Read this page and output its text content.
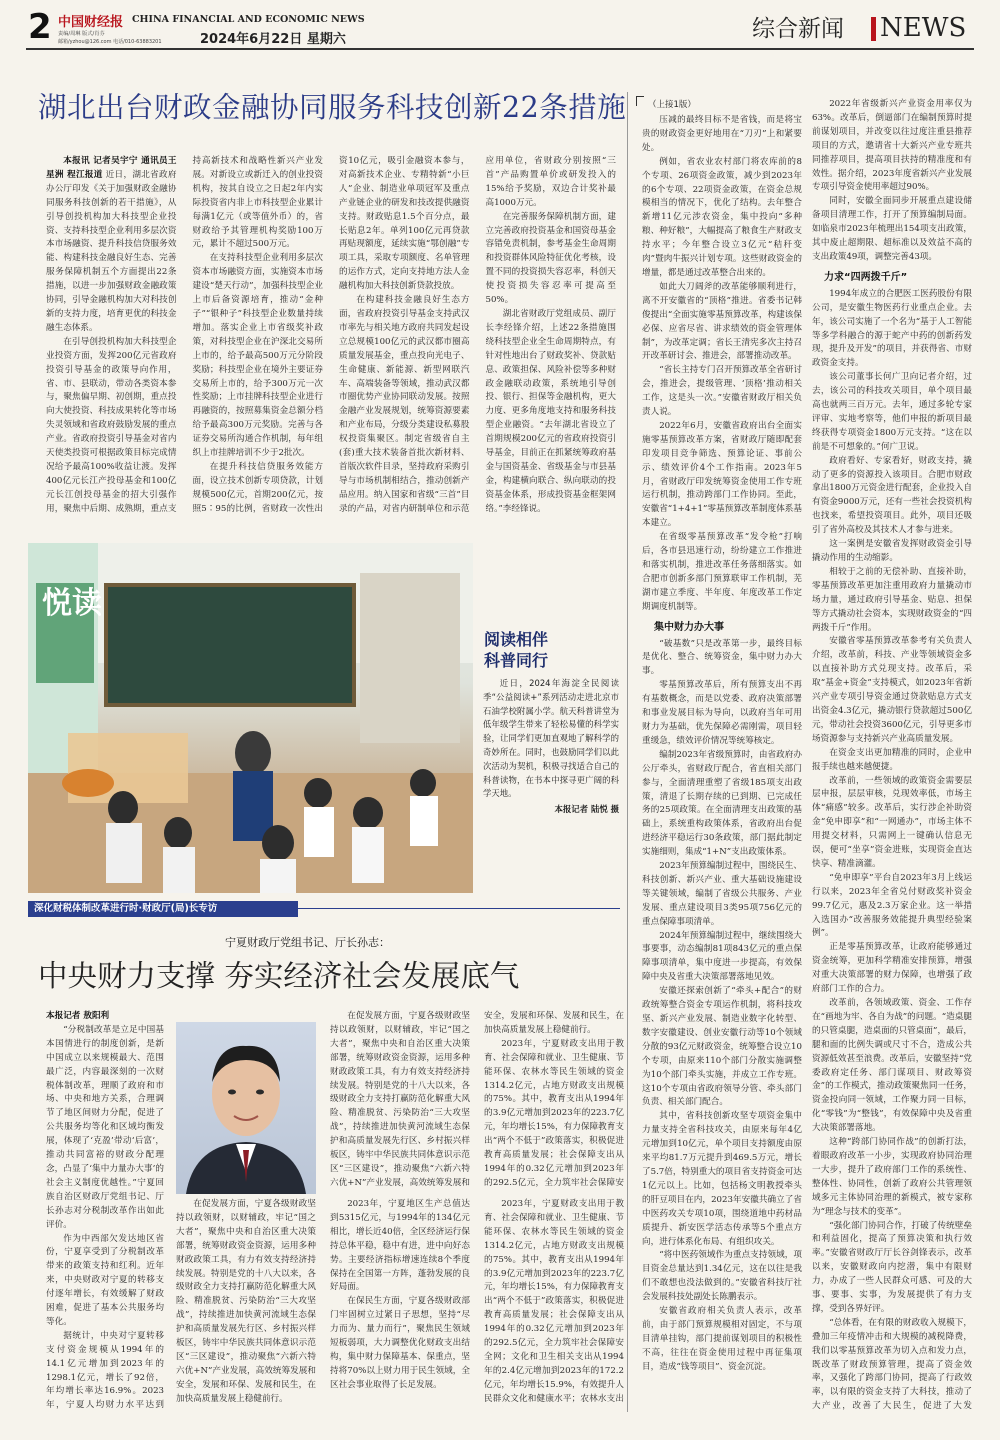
2 中国财经报 CHINA FINANCIAL AND ECONOMIC NEWS
责编/周琳 版式/肖芬
邮箱/yzhou@126.com 电话/010-63883201	2024年6月22日 星期六	综合新闻 NEWS
湖北出台财政金融协同服务科技创新22条措施

本报讯 记者吴宇宁 通讯员王星洲 程江报道 近日，湖北省政府办公厅印发《关于加强财政金融协同服务科技创新的若干措施》，从引导创投机构加大科技型企业投资、支持科技型企业利用多层次资本市场融资、提升科技信贷服务效能、构建科技金融良好生态、完善服务保障机制五个方面提出22条措施，以进一步加强财政金融政策协同，引导金融机构加大对科技创新的支持力度，培育更优的科技金融生态体系。

在引导创投机构加大科技型企业投资方面，发挥200亿元省政府投资引导基金的政策导向作用，省、市、县联动，带动各类资本参与，聚焦偏早期、初创期，重点投向大使投资、科技成果转化等市场失灵领域和省政府鼓励发展的重点产业。省政府投资引导基金对省内天使类投资可根据政策目标完成情况给予最高100%收益让渡。发挥400亿元长江产投母基金和100亿元长江创投母基金的招大引强作用，聚焦中后期、成熟期，重点支持高新技术和战略性新兴产业发展。对新设立或新迁入的创业投资机构，按其自设立之日起2年内实际投资省内非上市科技型企业累计每满1亿元（或等值外币）的，省财政给予其管理机构奖励100万元，累计不超过500万元。

在支持科技型企业利用多层次资本市场融资方面，实施资本市场建设“楚天行动”，加强科技型企业上市后备资源培育，推动“金种子”“银种子”科技型企业数量持续增加。落实企业上市省级奖补政策，对科技型企业在沪深北交易所上市的，给予最高500万元分阶段奖励；科技型企业在境外主要证券交易所上市的，给予300万元一次性奖励；上市挂牌科技型企业进行再融资的，按照募集资金总额分档给予最高300万元奖励。完善与各证券交易所沟通合作机制，每年组织上市挂牌培训不少于2批次。

在提升科技信贷服务效能方面，设立技术创新专项贷款，计划规模500亿元，首期200亿元，按照5∶95的比例，省财政一次性出资10亿元，吸引金融资本参与，对高新技术企业、专精特新“小巨人”企业、制造业单项冠军及重点产业链企业的研发和技改提供融资支持。财政贴息1.5个百分点，最长贴息2年。单列100亿元再贷款再贴现额度，延续实施“鄂创融”专项工具，采取专项额度、名单管理的运作方式，定向支持地方法人金融机构加大科技创新贷款投放。

在构建科技金融良好生态方面，省政府投资引导基金支持武汉市率先与相关地方政府共同发起设立总规模100亿元的武汉都市圈高质量发展基金，重点投向光电子、生命健康、新能源、新型网联汽车、高端装备等领域，推动武汉都市圈优势产业协同联动发展。按照金融产业发展规划，统筹资源要素和产业布局，分级分类建设私募股权投资集聚区。制定省级省自主(套)重大技术装备首批次新材料、首版次软件目录，坚持政府采购引导与市场机制相结合，推动创新产品应用。纳入国家和省级“三首”目录的产品，对省内研制单位和示范应用单位，省财政分别按照“三首”产品购置单价或研发投入的15%给予奖励，双边合计奖补最高1000万元。

在完善服务保障机制方面，建立完善政府投资基金和国资母基金容错免责机制，参考基金生命周期和投资群体风险特征优化考核，设置不同的投资损失容忍率，科创天使投资损失容忍率可提高至50%。

湖北省财政厅党组成员、副厅长李经锋介绍，上述22条措施围绕科技型企业全生命周期特点，有针对性地出台了财政奖补、贷款贴息、政策担保、风险补偿等多种财政金融联动政策，系统地引导创投、银行、担保等金融机构，更大力度、更多角度地支持和服务科技型企业融资。“去年湖北省设立了首期规模200亿元的省政府投资引导基金，目前正在抓紧统筹政府基金与国资基金、省级基金与市县基金，构建横向联合、纵向联动的投资基金体系，形成投资基金框架网络。”李经锋说。

（上接1版）

压减的最终目标不是省钱，而是将宝贵的财政资金更好地用在“刀刃”上和紧要处。

例如，省农业农村部门将农库前的8个专项、26项资金政策，减少到2023年的6个专项、22项资金政策，在资金总规模相当的情况下，优化了结构。去年整合新增11亿元涉农资金，集中投向“多种粮、种好粮”，大幅提高了粮食生产财政支持水平；今年整合设立3亿元“秸秆变肉”暨肉牛振兴计划专项。这些财政资金的增量，都是通过改革整合出来的。

如此大刀阔斧的改革能够顺利进行，离不开安徽省的“顶格”推进。省委书记韩俊提出“全面实施零基预算改革，构建该保必保、应省尽省、讲求绩效的资金管理体制”，为改革定调；省长王清宪多次主持召开改革研讨会、推进会，部署推动改革。

“省长主持专门召开预算改革全省研讨会，推进会，提级管理、‘顶格’推动相关工作，这是头一次。”安徽省财政厅相关负责人说。

2022年6月，安徽省政府出台全面实施零基预算改革方案，省财政厅随即配套印发项目竞争筛选、预算论证、事前公示、绩效评价4个工作指南。2023年5月，省财政厅印发统筹资金使用工作专班运行机制，推动跨部门工作协同。至此，安徽省“1+4+1”零基预算改革制度体系基本建立。

在省级零基预算改革“发令枪”打响后，各市县迅速行动，纷纷建立工作推进和落实机制，推进改革任务落细落实。如合肥市创新多部门预算联审工作机制，芜湖市建立季度、半年度、年度改革工作定期调度机制等。

集中财力办大事

“破基数”只是改革第一步，最终目标是优化、整合、统筹资金，集中财力办大事。

零基预算改革后，所有预算支出不再有基数概念，而是以党委、政府决策部署和事业发展目标为导向，以政府当年可用财力为基础，优先保障必需刚需，项目轻重缓急，绩效评价情况等统筹核定。

编制2023年省级预算时，由省政府办公厅牵头，省财政厅配合，省直相关部门参与，全面清理重塑了省级185项支出政策，清退了长期存续的已到期、已完成任务的25项政策。在全面清理支出政策的基础上，系统重构政策体系，省政府出台促进经济平稳运行30条政策，部门据此制定实施细则，集成“1+N”支出政策体系。

2023年预算编制过程中，围绕民生、科技创新、新兴产业、重大基础设施建设等关键领域，编制了省级公共服务、产业发展、重点建设项目3类95项756亿元的重点保障事项清单。

2024年预算编制过程中，继续围绕大事要事，动态编制81项843亿元的重点保障事项清单，集中度进一步提高，有效保障中央及省重大决策部署落地见效。

安徽还探索创新了“牵头+配合”的财政统筹整合资金专项运作机制，将科技攻坚、新兴产业发展、制造业数字化转型、数字安徽建设、创业安徽行动等10个领域分散的93亿元财政资金，统筹整合设立10个专项，由原来110个部门分散实施调整为10个部门牵头实施，并成立工作专班。这10个专项由省政府领导分管、牵头部门负责、相关部门配合。

其中，省科技创新攻坚专项资金集中力量支持全省科技攻关，由原来每年4亿元增加到10亿元，单个项目支持额度由原来平均81.7万元提升到469.5万元，增长了5.7倍，特别重大的项目省支持资金可达1亿元以上。比如，包括杨文明教授牵头的肝豆项目在内，2023年安徽共确立了省中医药攻关专项10项，围绕道地中药材品质提升、新安医学活态传承等5个重点方向，进行体系化布局、有组织攻关。

“将中医药领域作为重点支持领域，项目资金总量达到1.34亿元，这在以往是我们不敢想也没法做到的。”安徽省科技厅社会发展科技处副处长陈鹏表示。

安徽省政府相关负责人表示，改革前，由于部门预算规模相对固定，不与项目清单挂钩，部门提前谋划项目的积极性不高，往往在资金使用过程中再征集项目，造成“钱等项目”、资金沉淀。

2022年省级新兴产业资金用率仅为63%。改革后，倒逼部门在编制预算时提前谋划项目，并改变以往过度注重县推荐项目的方式，邀请省十大新兴产业专班共同推荐项目，提高项目扶持的精准度和有效性。据介绍，2023年度省新兴产业发展专项引导资金使用率超过90%。

同时，安徽全面同步开展重点建设储备项目清理工作，打开了预算编制局面。如临泉市2023年梳理出154项支出政策，其中废止超期限、超标准以及效益不高的支出政策49项，调整完善43项。

力求“四两拨千斤”

1994年成立的合肥医工医药股份有限公司，是安徽生物医药行业重点企业。去年，该公司实施了一个名为“基于人工智能等多学科融合的源于蛇产中药的创新药发现，提升及开发”的项目，并获得省、市财政资金支持。

该公司董事长何广卫向记者介绍，过去，该公司的科技攻关项目，单个项目最高也就两三百万元。去年，通过多轮专家评审、实地考察等，他们申报的新项目最终获得专项资金1800万元支持。“这在以前是不可想象的。”何广卫说。

政府看好、专家看好，财政支持，撬动了更多的资源投入该项目。合肥市财政拿出1800万元资金进行配套，企业投入自有资金9000万元，还有一些社会投资机构也找来，希望投资项目。此外，项目还吸引了省外高校及其技术人才参与进来。

这一案例是安徽省发挥财政资金引导撬动作用的生动缩影。

相较于之前的无偿补助、直接补助，零基预算改革更加注重用政府力量撬动市场力量，通过政府引导基金、贴息、担保等方式撬动社会资本，实现财政资金的“四两拨千斤”作用。

安徽省零基预算改革参考有关负责人介绍，改革前，科技、产业等领域资金多以直接补助方式兑现支持。改革后，采取“基金+资金”支持模式，如2023年省新兴产业专项引导资金通过贷款贴息方式支出资金4.3亿元，撬动银行贷款超过500亿元，带动社会投资3600亿元，引导更多市场资源参与支持新兴产业高质量发展。

在资金支出更加精准的同时，企业申报手续也越来越便捷。

改革前，一些领域的政策资金需要层层申报，层层审核，兑现效率低，市场主体“痛感”较多。改革后，实行涉企补助资金“免申即享”和“一网通办”，市场主体不用提交材料，只需网上一键确认信息无误，便可“坐享”资金进账，实现资金直达快享、精准滴灌。

“免申即享”平台自2023年3月上线运行以来，2023年全省兑付财政奖补资金99.7亿元，惠及2.3万家企业。这一举措入选国办“改善服务效能提升典型经验案例”。

正是零基预算改革，让政府能够通过资金统筹，更加科学精准安排预算，增强对重大决策部署的财力保障，也增强了政府部门工作的合力。

改革前，各领域政策、资金、工作存在“画地为牢、各自为战”的问题。“造桌腿的只管桌腿，造桌面的只管桌面”，最后，腿和面的比例失调或尺寸不合，造成公共资源低效甚至浪费。改革后，安徽坚持“党委政府定任务、部门谋项目、财政筹资金”的工作模式，推动政策聚焦同一任务，资金投向同一领域，工作聚力同一目标，化“零钱”为“整钱”，有效保障中央及省重大决策部署落地。

这种“跨部门协同作战”的创新打法，着眼政府改革一小步，实现政府协同治理一大步，提升了政府部门工作的系统性、整体性、协同性，创新了政府公共管理领域多元主体协同治理的新模式，被专家称为“理念与技术的变革”。

“强化部门协同合作，打破了传统壁垒和利益固化，提高了预算决策和执行效率。”安徽省财政厅厅长谷剑锋表示，改革以来，安徽财政向内挖潜，集中有限财力，办成了一些人民群众可感、可及的大事、要事、实事，为发展提供了有力支撑，受到各界好评。

“总体看，在有限的财政收入规模下，叠加三年疫情冲击和大规模的减税降费，我们以零基预算改革为切入点和发力点，既改革了财政预算管理，提高了资金效率，又强化了跨部门协同，提高了行政效率，以有限的资金支持了大科技，推动了大产业，改善了大民生，促进了大发

悦读
阅读相伴
科普同行

近日，2024年海淀全民阅读季“公益阅读+”系列活动走进北京市石油学校附属小学。航天科普讲堂为低年级学生带来了轻松易懂的科学实验，让同学们更加直观地了解科学的奇妙所在。同时，也鼓励同学们以此次活动为契机，积极寻找适合自己的科普读物，在书本中探寻更广阔的科学天地。

本报记者 陆悦 摄

深化财税体制改革进行时·财政厅(局)长专访
宁夏财政厅党组书记、厅长孙志：
中央财力支撑 夯实经济社会发展底气

本报记者 敖阳利

“分税制改革是立足中国基本国情进行的制度创新，是新中国成立以来规模最大、范围最广泛，内容最深刻的一次财税体制改革，理顺了政府和市场、中央和地方关系，合理调节了地区间财力分配，促进了公共服务均等化和区域均衡发展，体现了‘克盈’带动‘后富’，推动共同富裕的财政分配理念，凸显了‘集中力量办大事’的社会主义制度优越性。”宁夏回族自治区财政厅党组书记、厅长孙志对分税制改革作出如此评价。

作为中西部欠发达地区省份，宁夏享受到了分税制改革带来的政策支持和红利。近年来，中央财政对宁夏的转移支付逐年增长，有效缓解了财政困难，促进了基本公共服务均等化。

据统计，中央对宁夏转移支付资金规模从1994年的14.1亿元增加到2023年的1298.1亿元，增长了92倍，年均增长率达16.9%。2023年，宁夏人均财力水平达到

在促发展方面，宁夏各级财政坚持以政领财，以财辅政，牢记“国之大者”，聚焦中央和自治区重大决策部署，统筹财政资金资源，运用多种财政政策工具，有力有效支持经济持续发展。特别是党的十八大以来，各级财政全力支持打赢防范化解重大风险、精准脱贫、污染防治“三大攻坚战”，持续推进加快黄河流域生态保护和高质量发展先行区、乡村振兴样板区，铸牢中华民族共同体意识示范区“三区建设”，推动聚焦“六新六特六优+N”产业发展，高效统筹发展和安全，发展和环保、发展和民生，在加快高质量发展上稳健前行。

2023年，宁夏地区生产总值达到5315亿元，与1994年的134亿元相比，增长近40倍，全区经济运行保持总体平稳，稳中有进，进中向好态势。主要经济指标增速连续8个季度保持在全国第一方阵，蓬勃发展的良好局面。

在保民生方面，宁夏各级财政部门牢固树立过紧日子思想，坚持“尽力而为、量力而行”，聚焦民生领域短板弱项，大力调整优化财政支出结构，集中财力保障基本、保重点，坚持将70%以上财力用于民生领域，全区社会事业取得了长足发展。

2023年，宁夏财政支出用于教育、社会保障和就业、卫生健康、节能环保、农林水等民生领域的资金1314.2亿元，占地方财政支出规模的75%。其中，教育支出从1994年的3.9亿元增加到2023年的223.7亿元，年均增长15%，有力保障教育支出“两个不低于”政策落实，积极促进教育高质量发展；社会保障支出从1994年的0.32亿元增加到2023年的292.5亿元，全力筑牢社会保障安全网；文化和卫生相关支出从1994年的2.4亿元增加到2023年的172.2亿元，年均增长15.9%，有效提升人民群众文化和健康水平；农林水支出

在促发展方面，宁夏各级财政坚持以政领财，以财辅政，牢记“国之大者”，聚焦中央和自治区重大决策部署，统筹财政资金资源，运用多种财政政策工具，有力有效支持经济持续发展。特别是党的十八大以来，各级财政全力支持打赢防范化解重大风险、精准脱贫、污染防治“三大攻坚战”，持续推进加快黄河流域生态保护和高质量发展先行区、乡村振兴样板区，铸牢中华民族共同体意识示范区“三区建设”，推动聚焦“六新六特六优+N”产业发展，高效统筹发展和安全，发展和环保、发展和民生，在加快高质量发展上稳健前行。

2023年，宁夏财政支出用于教育、社会保障和就业、卫生健康、节能环保、农林水等民生领域的资金1314.2亿元，占地方财政支出规模的75%。其中，教育支出从1994年的3.9亿元增加到2023年的223.7亿元，年均增长15%，有力保障教育支出“两个不低于”政策落实，积极促进教育高质量发展；社会保障支出从1994年的0.32亿元增加到2023年的292.5亿元，全力筑牢社会保障安
